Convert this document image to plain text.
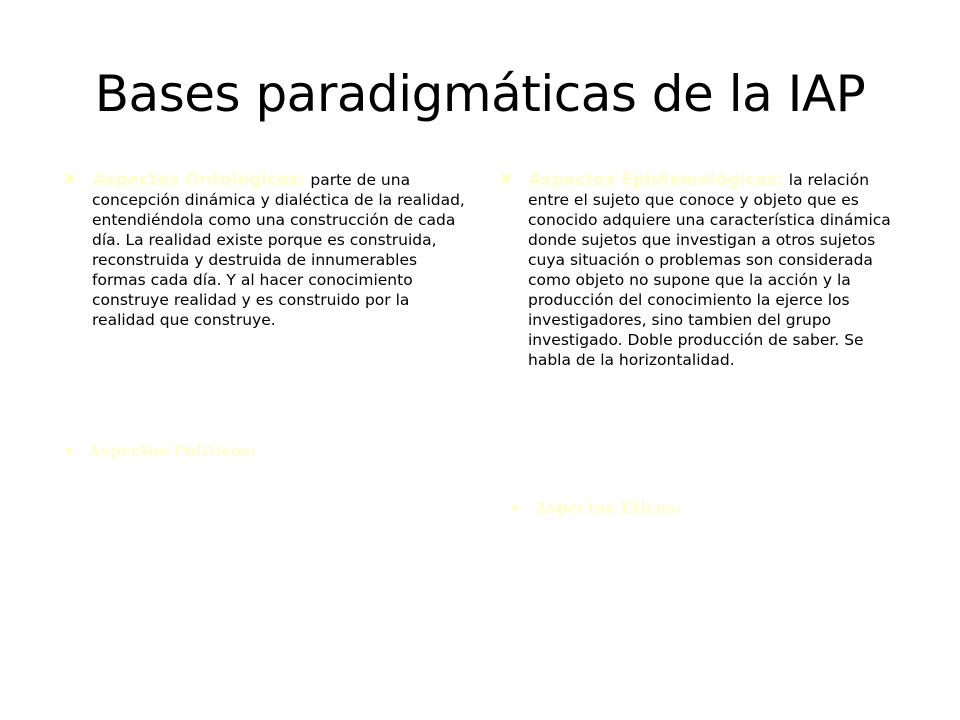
Bases paradigmáticas de la IAP
✖ Aspectos Ontológicos: parte de una concepción dinámica y dialéctica de la realidad, entendiéndola como una construcción de cada día. La realidad existe porque es construida, reconstruida y destruida de innumerables formas cada día. Y al hacer conocimiento construye realidad y es construido por la realidad que construye.
Aspectos Políticos:
✖ Aspectos Epistemológicos: la relación entre el sujeto que conoce y objeto que es conocido adquiere una característica dinámica donde sujetos que investigan a otros sujetos cuya situación o problemas son considerada como objeto no supone que la acción y la producción del conocimiento la ejerce los investigadores, sino tambien del grupo investigado. Doble producción de saber. Se habla de la horizontalidad.
Aspectos Éticos:
